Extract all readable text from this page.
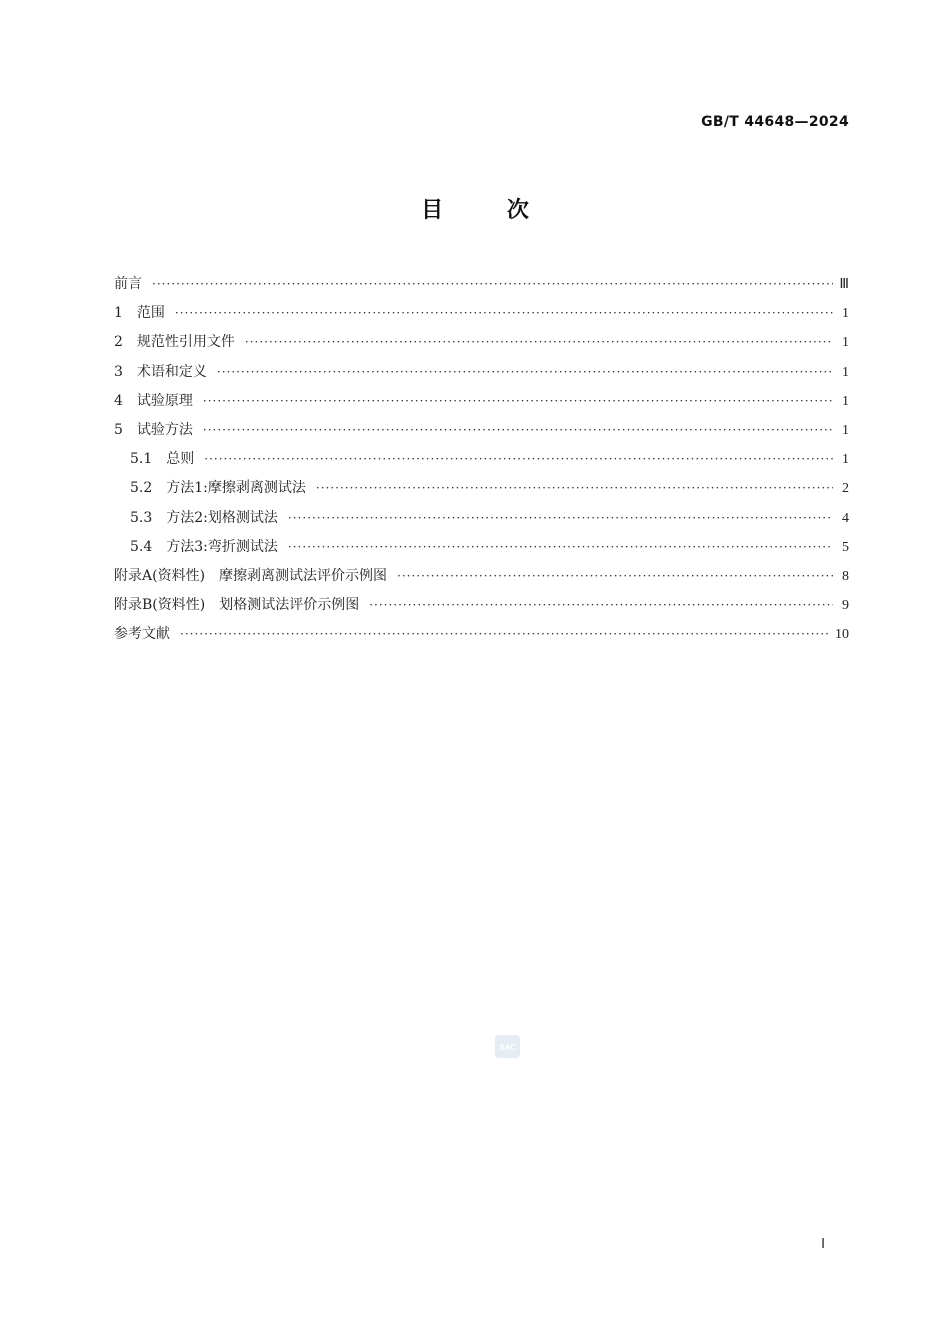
GB/T 44648—2024
目	次
前言 ·····	Ⅲ
1　范围 ·····	1
2　规范性引用文件 ·····	1
3　术语和定义 ·····	1
4　试验原理 ·····	1
5　试验方法 ·····	1
5.1　总则 ·····	1
5.2　方法1:摩擦剥离测试法 ·····	2
5.3　方法2:划格测试法 ·····	4
5.4　方法3:弯折测试法 ·····	5
附录A(资料性)　摩擦剥离测试法评价示例图 ·····	8
附录B(资料性)　划格测试法评价示例图 ·····	9
参考文献 ·····	10
SAC
Ⅰ
